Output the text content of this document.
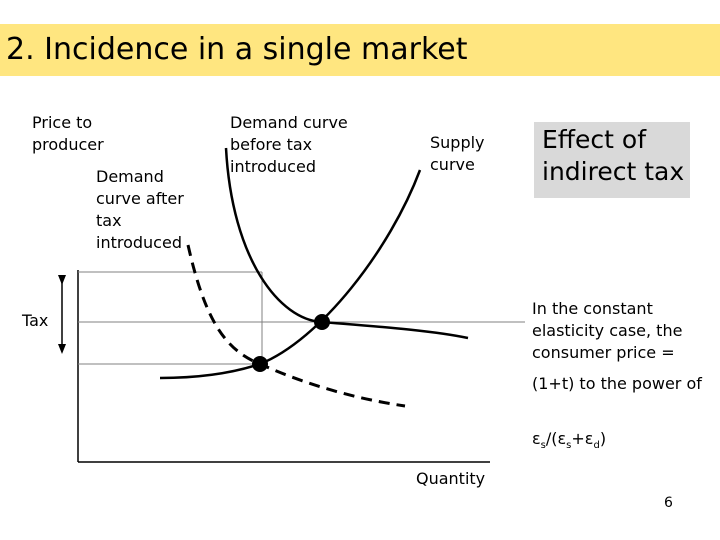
2. Incidence in a single market
Price to producer
Demand curve after tax introduced
Demand curve before tax introduced
Supply curve
Tax
Quantity
Effect of indirect tax
In the constant elasticity case, the consumer price =
(1+t) to the power of
$\varepsilon_s/(\varepsilon_s+\varepsilon_d)$
6
